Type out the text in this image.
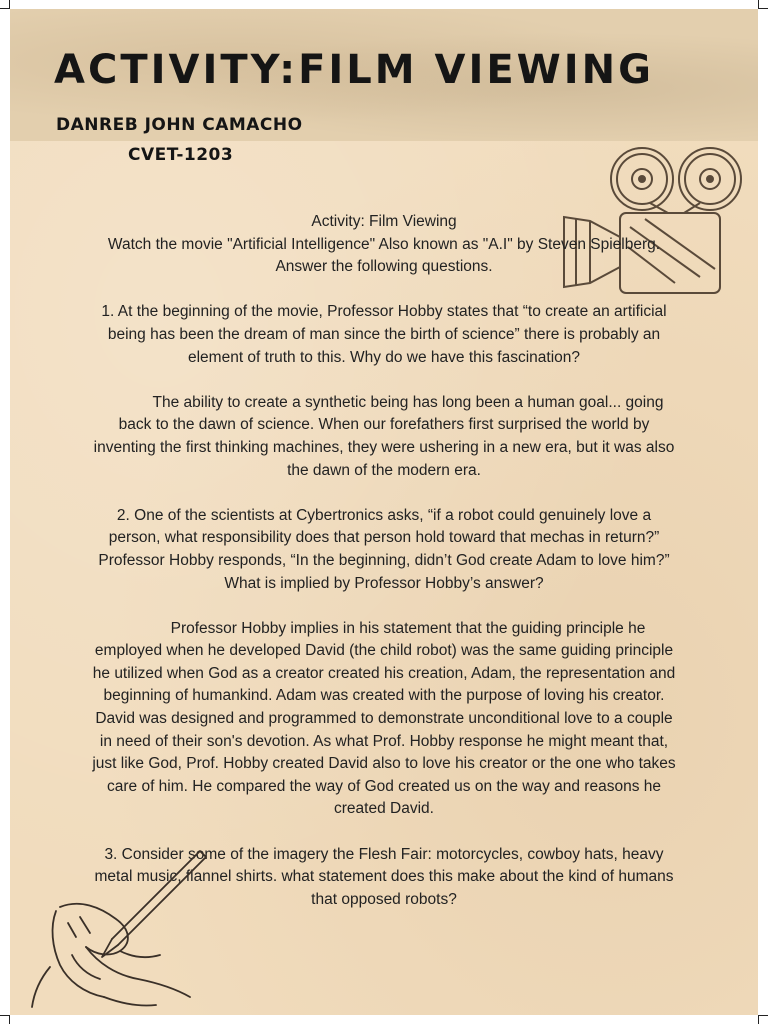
ACTIVITY:FILM VIEWING
DANREB JOHN CAMACHO
CVET-1203

Activity: Film Viewing
Watch the movie "Artificial Intelligence" Also known as "A.I" by Steven Spielberg. Answer the following questions.

1. At the beginning of the movie, Professor Hobby states that “to create an artificial being has been the dream of man since the birth of science” there is probably an element of truth to this. Why do we have this fascination?

The ability to create a synthetic being has long been a human goal... going back to the dawn of science. When our forefathers first surprised the world by inventing the first thinking machines, they were ushering in a new era, but it was also the dawn of the modern era.

2. One of the scientists at Cybertronics asks, “if a robot could genuinely love a person, what responsibility does that person hold toward that mechas in return?” Professor Hobby responds, “In the beginning, didn’t God create Adam to love him?” What is implied by Professor Hobby’s answer?

Professor Hobby implies in his statement that the guiding principle he employed when he developed David (the child robot) was the same guiding principle he utilized when God as a creator created his creation, Adam, the representation and beginning of humankind. Adam was created with the purpose of loving his creator. David was designed and programmed to demonstrate unconditional love to a couple in need of their son's devotion. As what Prof. Hobby response he might meant that, just like God, Prof. Hobby created David also to love his creator or the one who takes care of him. He compared the way of God created us on the way and reasons he created David.

3. Consider some of the imagery the Flesh Fair: motorcycles, cowboy hats, heavy metal music, flannel shirts. what statement does this make about the kind of humans that opposed robots?
